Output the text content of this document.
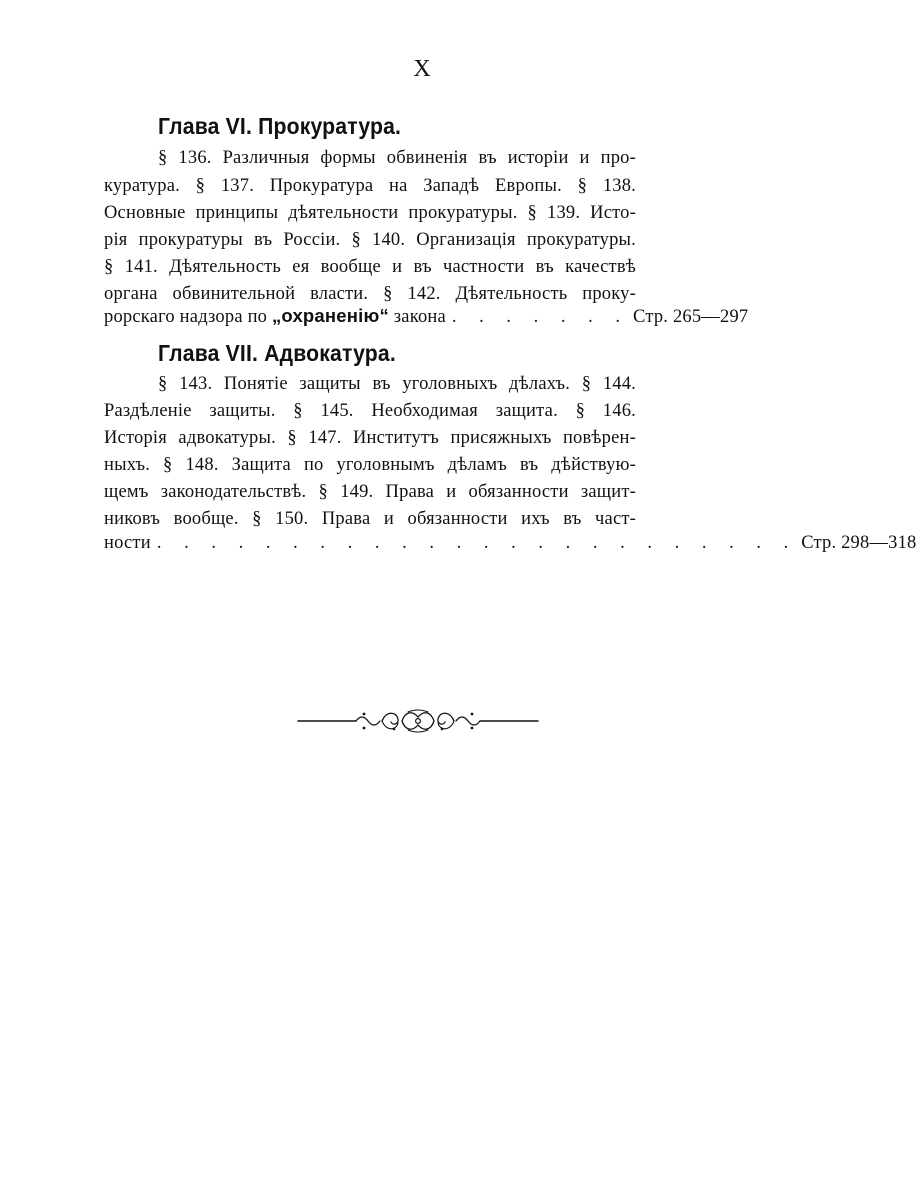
X
Глава VI. Прокуратура.
§ 136. Различныя формы обвиненія въ исторіи и про-
куратура. § 137. Прокуратура на Западѣ Европы. § 138.
Основные принципы дѣятельности прокуратуры. § 139. Исто-
рія прокуратуры въ Россіи. § 140. Организація прокуратуры.
§ 141. Дѣятельность ея вообще и въ частности въ качествѣ
органа обвинительной власти. § 142. Дѣятельность проку-
рорскаго надзора по „охраненію“ закона . . . . . . . Стр. 265—297
Глава VII. Адвокатура.
§ 143. Понятіе защиты въ уголовныхъ дѣлахъ. § 144.
Раздѣленіе защиты. § 145. Необходимая защита. § 146.
Исторія адвокатуры. § 147. Институтъ присяжныхъ повѣрен-
ныхъ. § 148. Защита по уголовнымъ дѣламъ въ дѣйствую-
щемъ законодательствѣ. § 149. Права и обязанности защит-
никовъ вообще. § 150. Права и обязанности ихъ въ част-
ности . . . . . . . . . . . . . . . . . . . . . . . . Стр. 298—318
